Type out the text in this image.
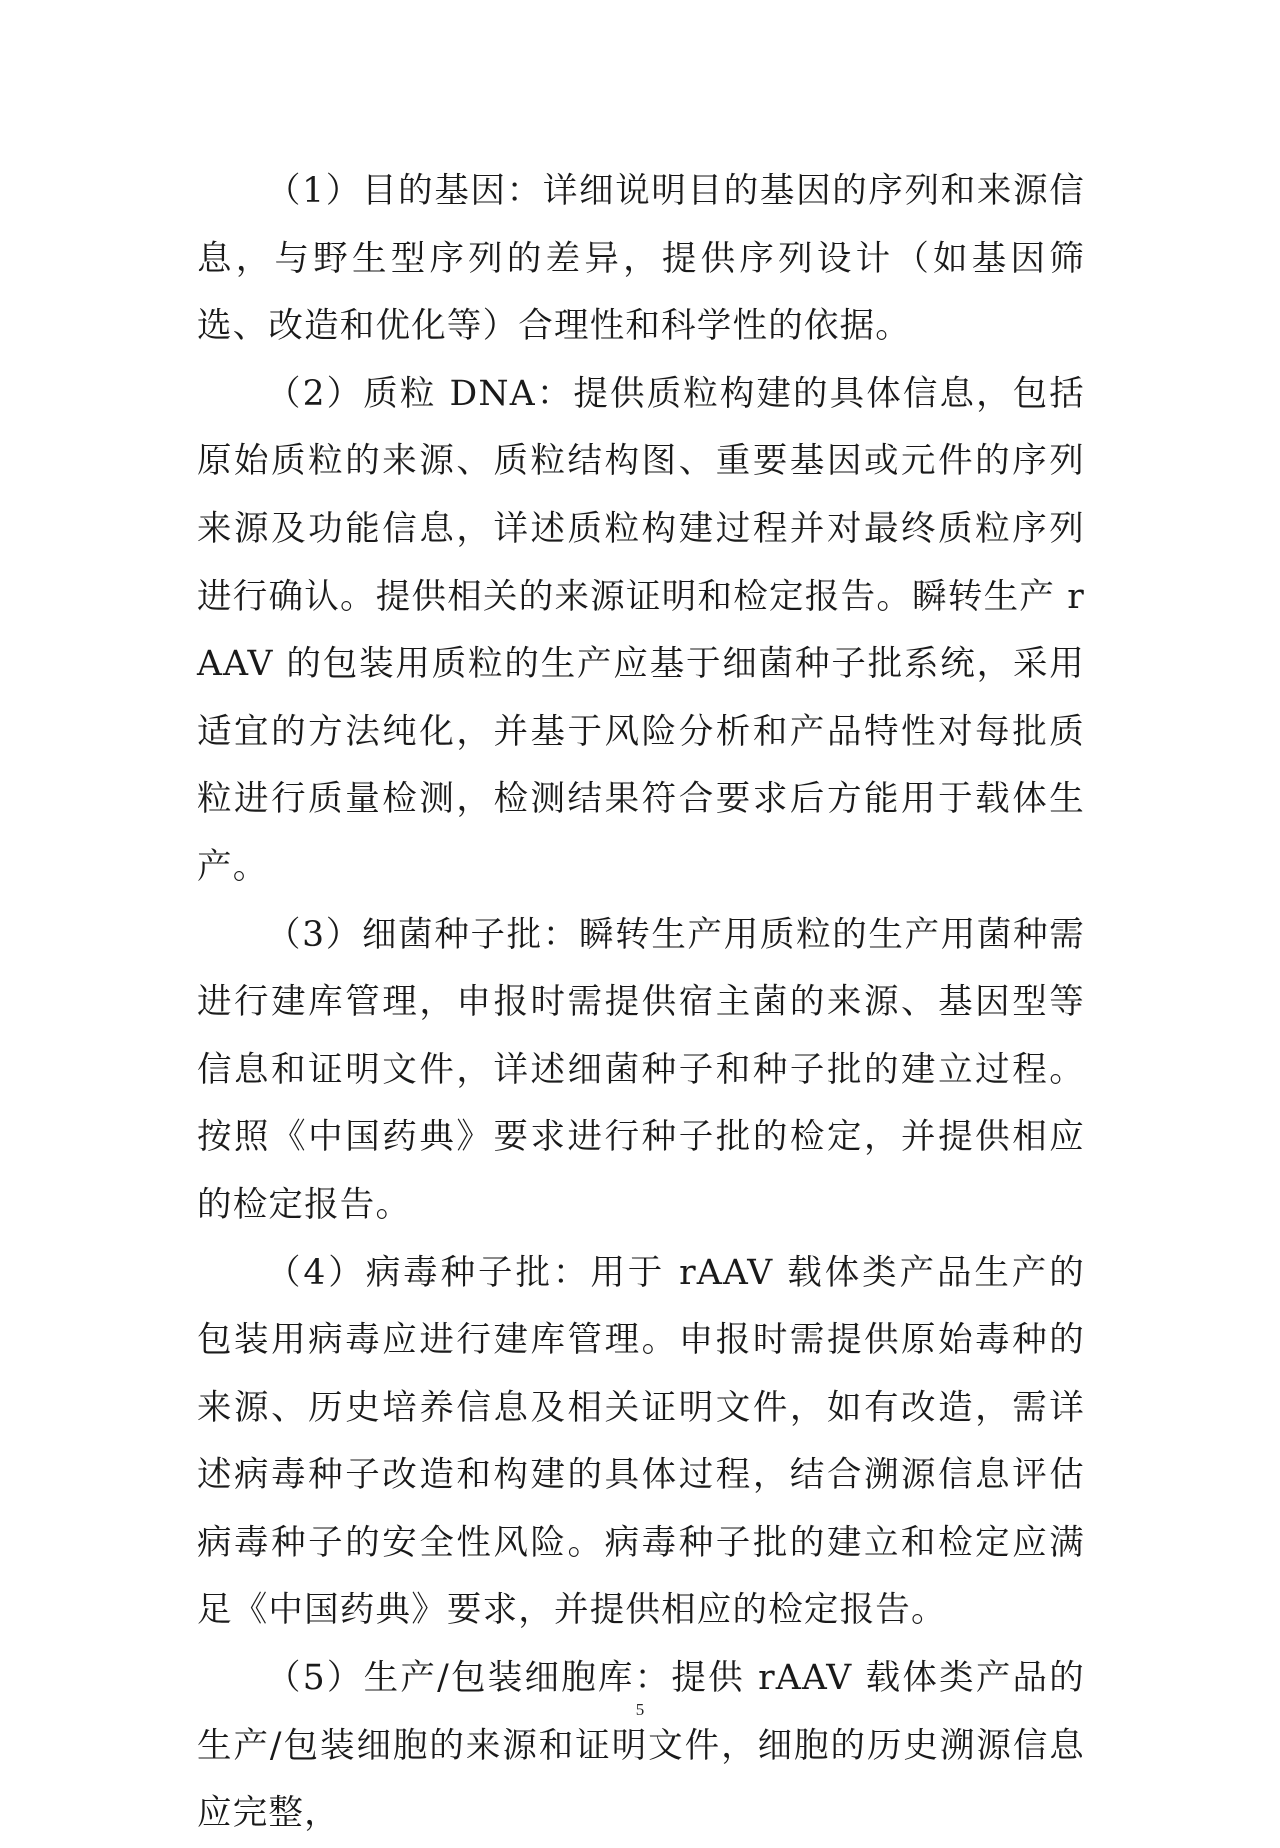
（1）目的基因：详细说明目的基因的序列和来源信息，与野生型序列的差异，提供序列设计（如基因筛选、改造和优化等）合理性和科学性的依据。

（2）质粒 DNA：提供质粒构建的具体信息，包括原始质粒的来源、质粒结构图、重要基因或元件的序列来源及功能信息，详述质粒构建过程并对最终质粒序列进行确认。提供相关的来源证明和检定报告。瞬转生产 rAAV 的包装用质粒的生产应基于细菌种子批系统，采用适宜的方法纯化，并基于风险分析和产品特性对每批质粒进行质量检测，检测结果符合要求后方能用于载体生产。

（3）细菌种子批：瞬转生产用质粒的生产用菌种需进行建库管理，申报时需提供宿主菌的来源、基因型等信息和证明文件，详述细菌种子和种子批的建立过程。按照《中国药典》要求进行种子批的检定，并提供相应的检定报告。

（4）病毒种子批：用于 rAAV 载体类产品生产的包装用病毒应进行建库管理。申报时需提供原始毒种的来源、历史培养信息及相关证明文件，如有改造，需详述病毒种子改造和构建的具体过程，结合溯源信息评估病毒种子的安全性风险。病毒种子批的建立和检定应满足《中国药典》要求，并提供相应的检定报告。

（5）生产/包装细胞库：提供 rAAV 载体类产品的生产/包装细胞的来源和证明文件，细胞的历史溯源信息应完整，

5
